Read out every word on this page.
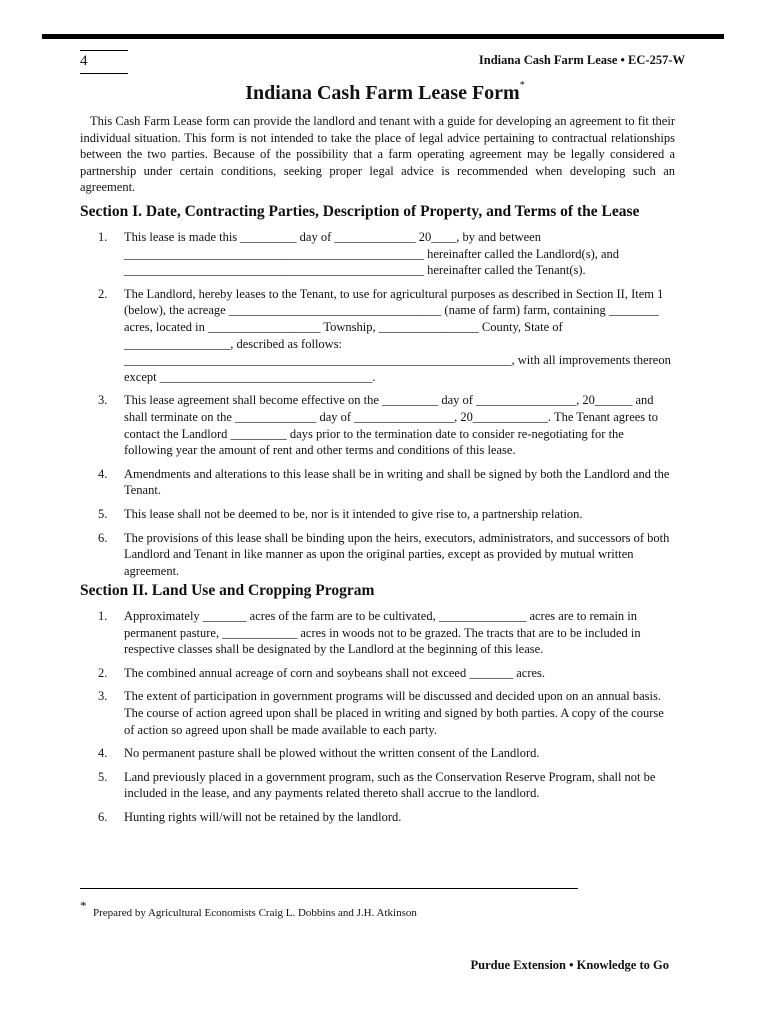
4	Indiana Cash Farm Lease • EC-257-W
Indiana Cash Farm Lease Form*

This Cash Farm Lease form can provide the landlord and tenant with a guide for developing an agreement to fit their individual situation. This form is not intended to take the place of legal advice pertaining to contractual relationships between the two parties. Because of the possibility that a farm operating agreement may be legally considered a partnership under certain conditions, seeking proper legal advice is recommended when developing such an agreement.

Section I. Date, Contracting Parties, Description of Property, and Terms of the Lease
1. This lease is made this _________ day of _____________ 20____, by and between ________________________________________________ hereinafter called the Landlord(s), and ________________________________________________ hereinafter called the Tenant(s).
2. The Landlord, hereby leases to the Tenant, to use for agricultural purposes as described in Section II, Item 1 (below), the acreage __________________________________ (name of farm) farm, containing ________ acres, located in __________________ Township, ________________ County, State of _________________, described as follows: ______________________________________________________________, with all improvements thereon except __________________________________.
3. This lease agreement shall become effective on the _________ day of ________________, 20______ and shall terminate on the _____________ day of ________________, 20____________. The Tenant agrees to contact the Landlord _________ days prior to the termination date to consider re-negotiating for the following year the amount of rent and other terms and conditions of this lease.
4. Amendments and alterations to this lease shall be in writing and shall be signed by both the Landlord and the Tenant.
5. This lease shall not be deemed to be, nor is it intended to give rise to, a partnership relation.
6. The provisions of this lease shall be binding upon the heirs, executors, administrators, and successors of both Landlord and Tenant in like manner as upon the original parties, except as provided by mutual written agreement.
Section II. Land Use and Cropping Program
1. Approximately _______ acres of the farm are to be cultivated, ______________ acres are to remain in permanent pasture, ____________ acres in woods not to be grazed. The tracts that are to be included in respective classes shall be designated by the Landlord at the beginning of this lease.
2. The combined annual acreage of corn and soybeans shall not exceed _______ acres.
3. The extent of participation in government programs will be discussed and decided upon on an annual basis. The course of action agreed upon shall be placed in writing and signed by both parties. A copy of the course of action so agreed upon shall be made available to each party.
4. No permanent pasture shall be plowed without the written consent of the Landlord.
5. Land previously placed in a government program, such as the Conservation Reserve Program, shall not be included in the lease, and any payments related thereto shall accrue to the landlord.
6. Hunting rights will/will not be retained by the landlord.
* Prepared by Agricultural Economists Craig L. Dobbins and J.H. Atkinson
Purdue Extension • Knowledge to Go
